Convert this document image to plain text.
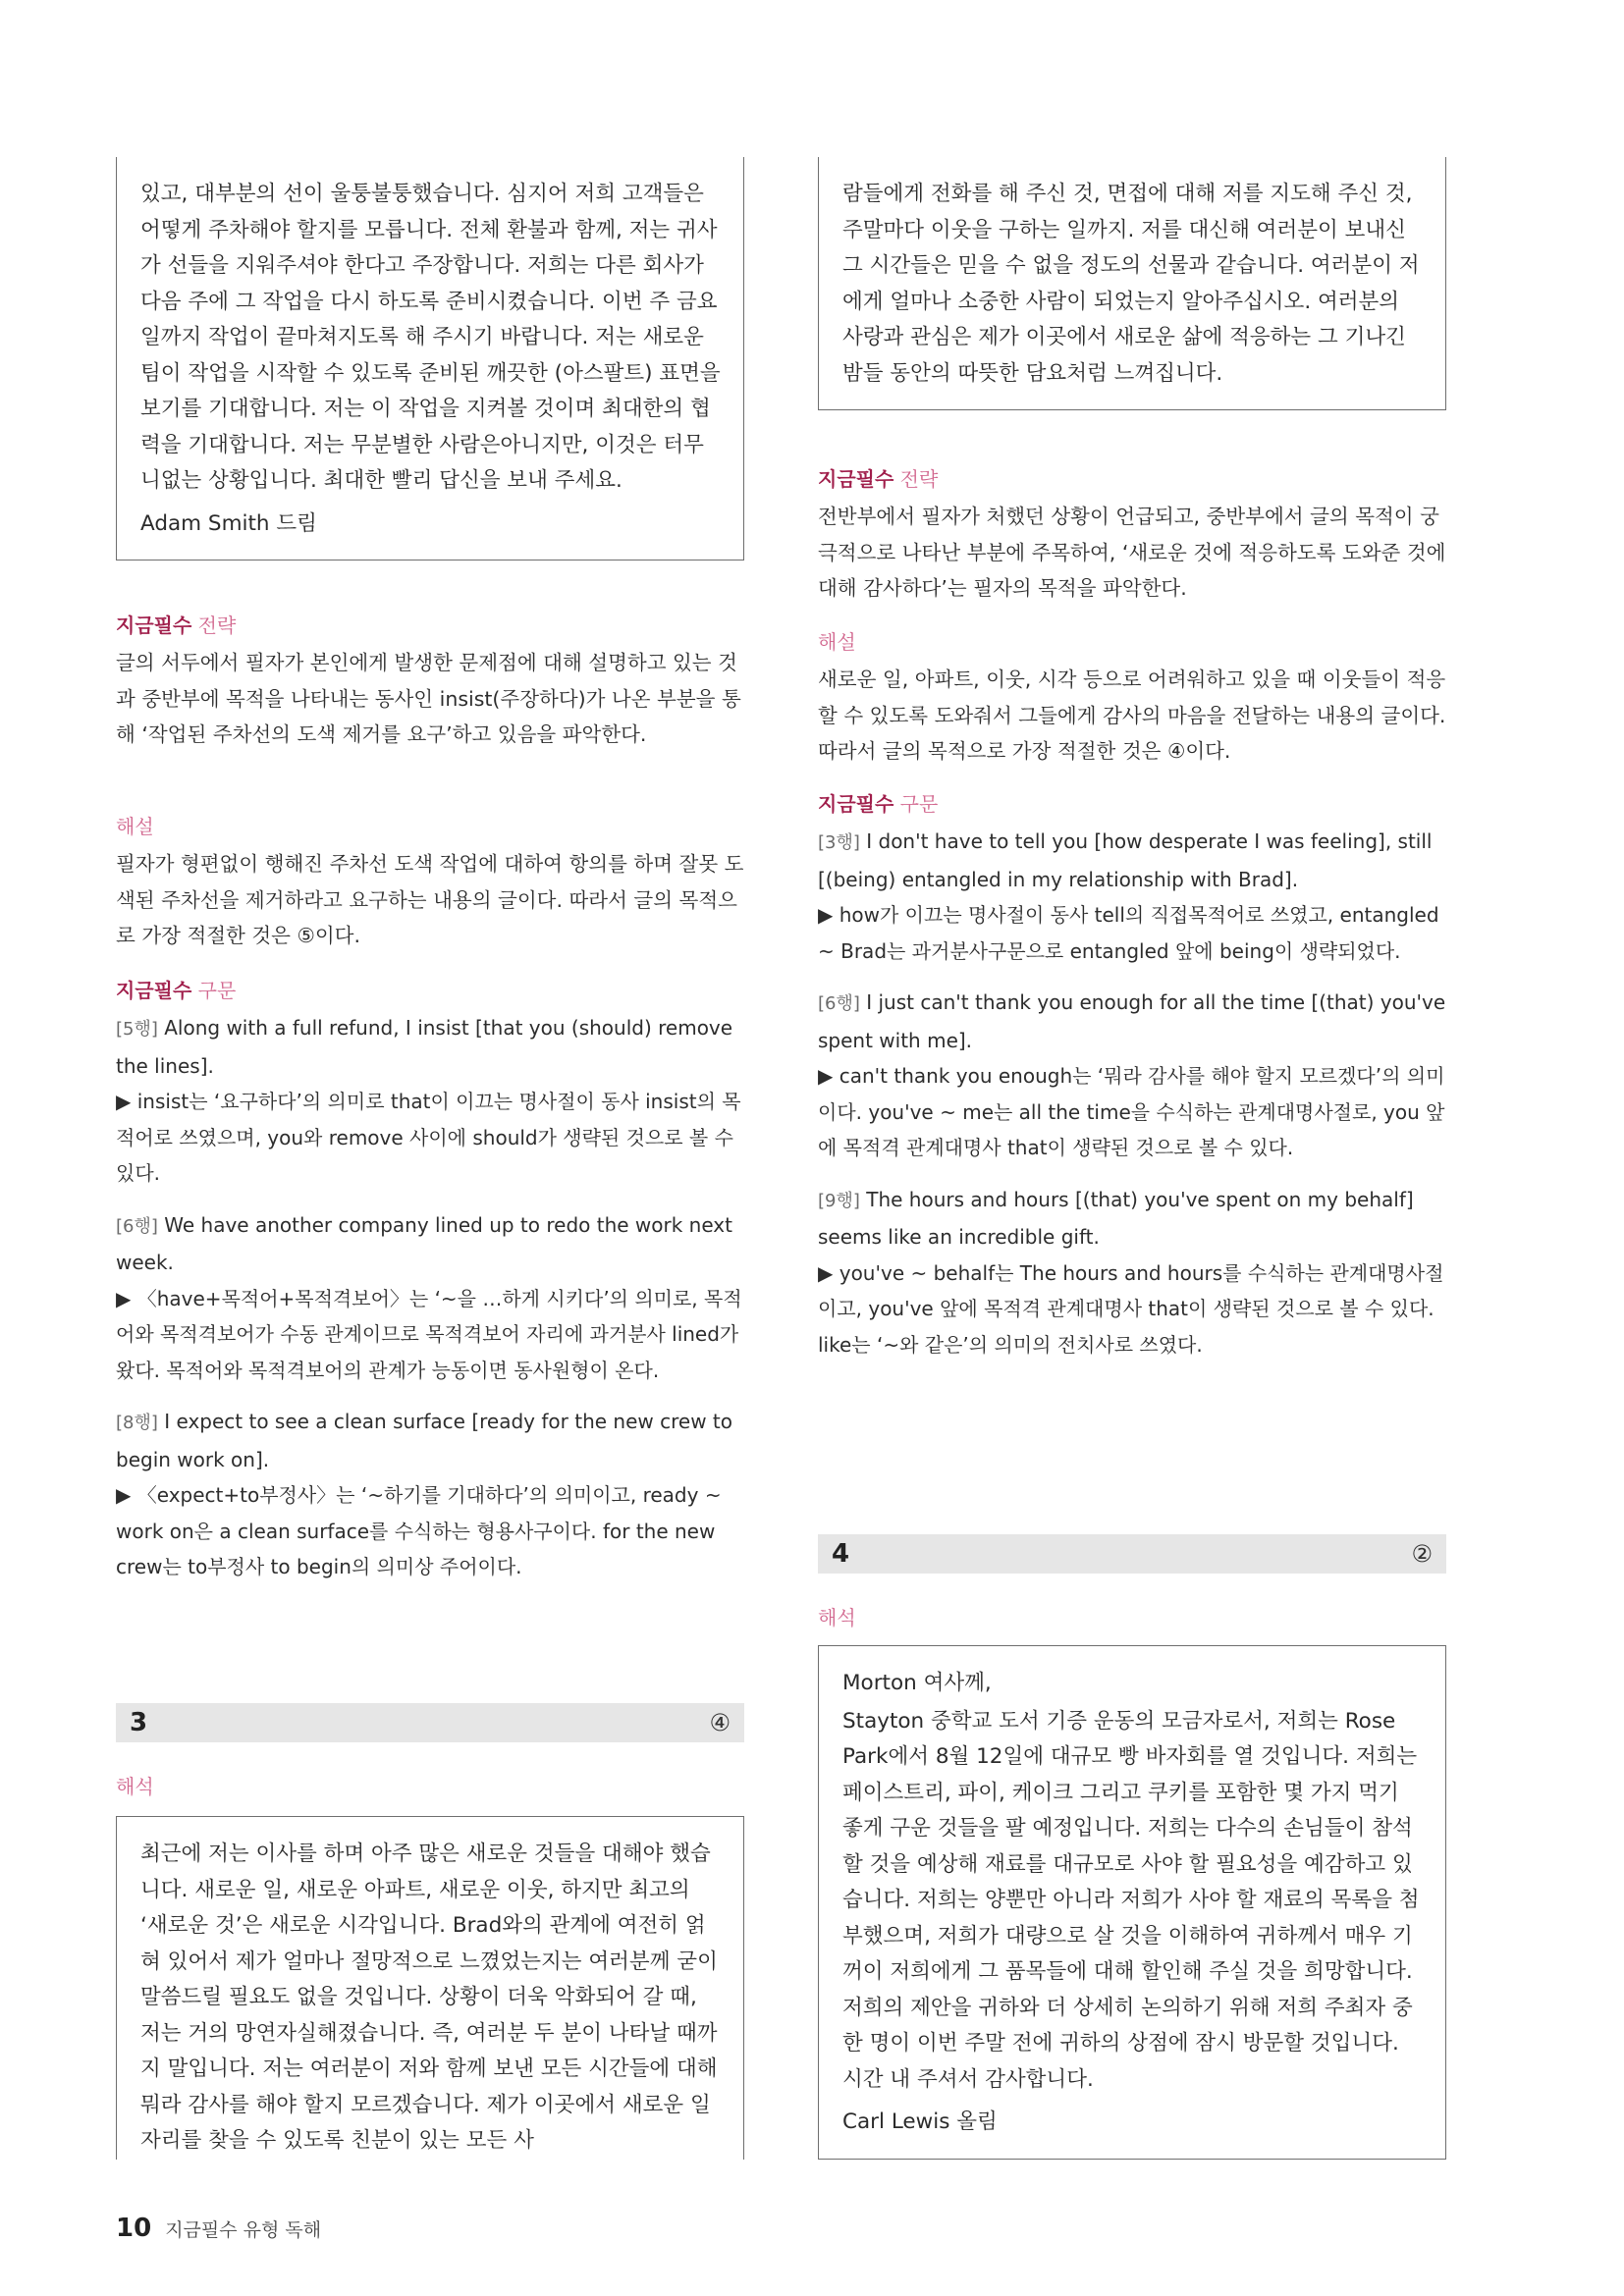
있고, 대부분의 선이 울퉁불퉁했습니다. 심지어 저희 고객들은 어떻게 주차해야 할지를 모릅니다. 전체 환불과 함께, 저는 귀사가 선들을 지워주셔야 한다고 주장합니다. 저희는 다른 회사가 다음 주에 그 작업을 다시 하도록 준비시켰습니다. 이번 주 금요일까지 작업이 끝마쳐지도록 해 주시기 바랍니다. 저는 새로운 팀이 작업을 시작할 수 있도록 준비된 깨끗한 (아스팔트) 표면을 보기를 기대합니다. 저는 이 작업을 지켜볼 것이며 최대한의 협력을 기대합니다. 저는 무분별한 사람은아니지만, 이것은 터무니없는 상황입니다. 최대한 빨리 답신을 보내 주세요.

Adam Smith 드림

지금필수 전략

글의 서두에서 필자가 본인에게 발생한 문제점에 대해 설명하고 있는 것과 중반부에 목적을 나타내는 동사인 insist(주장하다)가 나온 부분을 통해 ‘작업된 주차선의 도색 제거를 요구’하고 있음을 파악한다.

해설

필자가 형편없이 행해진 주차선 도색 작업에 대하여 항의를 하며 잘못 도색된 주차선을 제거하라고 요구하는 내용의 글이다. 따라서 글의 목적으로 가장 적절한 것은 ⑤이다.

지금필수 구문
[5행] Along with a full refund, I insist [that you (should) remove the lines].
▶ insist는 ‘요구하다’의 의미로 that이 이끄는 명사절이 동사 insist의 목적어로 쓰였으며, you와 remove 사이에 should가 생략된 것으로 볼 수 있다.
[6행] We have another company lined up to redo the work next week.
▶ 〈have+목적어+목적격보어〉는 ‘~을 …하게 시키다’의 의미로, 목적어와 목적격보어가 수동 관계이므로 목적격보어 자리에 과거분사 lined가 왔다. 목적어와 목적격보어의 관계가 능동이면 동사원형이 온다.
[8행] I expect to see a clean surface [ready for the new crew to begin work on].
▶ 〈expect+to부정사〉는 ‘~하기를 기대하다’의 의미이고, ready ~ work on은 a clean surface를 수식하는 형용사구이다. for the new crew는 to부정사 to begin의 의미상 주어이다.
3	④
해석

최근에 저는 이사를 하며 아주 많은 새로운 것들을 대해야 했습니다. 새로운 일, 새로운 아파트, 새로운 이웃, 하지만 최고의 ‘새로운 것’은 새로운 시각입니다. Brad와의 관계에 여전히 얽혀 있어서 제가 얼마나 절망적으로 느꼈었는지는 여러분께 굳이 말씀드릴 필요도 없을 것입니다. 상황이 더욱 악화되어 갈 때, 저는 거의 망연자실해졌습니다. 즉, 여러분 두 분이 나타날 때까지 말입니다. 저는 여러분이 저와 함께 보낸 모든 시간들에 대해 뭐라 감사를 해야 할지 모르겠습니다. 제가 이곳에서 새로운 일자리를 찾을 수 있도록 친분이 있는 모든 사

람들에게 전화를 해 주신 것, 면접에 대해 저를 지도해 주신 것, 주말마다 이웃을 구하는 일까지. 저를 대신해 여러분이 보내신 그 시간들은 믿을 수 없을 정도의 선물과 같습니다. 여러분이 저에게 얼마나 소중한 사람이 되었는지 알아주십시오. 여러분의 사랑과 관심은 제가 이곳에서 새로운 삶에 적응하는 그 기나긴 밤들 동안의 따뜻한 담요처럼 느껴집니다.

지금필수 전략

전반부에서 필자가 처했던 상황이 언급되고, 중반부에서 글의 목적이 궁극적으로 나타난 부분에 주목하여, ‘새로운 것에 적응하도록 도와준 것에 대해 감사하다’는 필자의 목적을 파악한다.

해설

새로운 일, 아파트, 이웃, 시각 등으로 어려워하고 있을 때 이웃들이 적응할 수 있도록 도와줘서 그들에게 감사의 마음을 전달하는 내용의 글이다. 따라서 글의 목적으로 가장 적절한 것은 ④이다.

지금필수 구문
[3행] I don't have to tell you [how desperate I was feeling], still [(being) entangled in my relationship with Brad].
▶ how가 이끄는 명사절이 동사 tell의 직접목적어로 쓰였고, entangled ~ Brad는 과거분사구문으로 entangled 앞에 being이 생략되었다.
[6행] I just can't thank you enough for all the time [(that) you've spent with me].
▶ can't thank you enough는 ‘뭐라 감사를 해야 할지 모르겠다’의 의미이다. you've ~ me는 all the time을 수식하는 관계대명사절로, you 앞에 목적격 관계대명사 that이 생략된 것으로 볼 수 있다.
[9행] The hours and hours [(that) you've spent on my behalf] seems like an incredible gift.
▶ you've ~ behalf는 The hours and hours를 수식하는 관계대명사절이고, you've 앞에 목적격 관계대명사 that이 생략된 것으로 볼 수 있다. like는 ‘~와 같은’의 의미의 전치사로 쓰였다.
4	②
해석

Morton 여사께,

Stayton 중학교 도서 기증 운동의 모금자로서, 저희는 Rose Park에서 8월 12일에 대규모 빵 바자회를 열 것입니다. 저희는 페이스트리, 파이, 케이크 그리고 쿠키를 포함한 몇 가지 먹기 좋게 구운 것들을 팔 예정입니다. 저희는 다수의 손님들이 참석할 것을 예상해 재료를 대규모로 사야 할 필요성을 예감하고 있습니다. 저희는 양뿐만 아니라 저희가 사야 할 재료의 목록을 첨부했으며, 저희가 대량으로 살 것을 이해하여 귀하께서 매우 기꺼이 저희에게 그 품목들에 대해 할인해 주실 것을 희망합니다. 저희의 제안을 귀하와 더 상세히 논의하기 위해 저희 주최자 중 한 명이 이번 주말 전에 귀하의 상점에 잠시 방문할 것입니다. 시간 내 주셔서 감사합니다.

Carl Lewis 올림

10 지금필수 유형 독해
